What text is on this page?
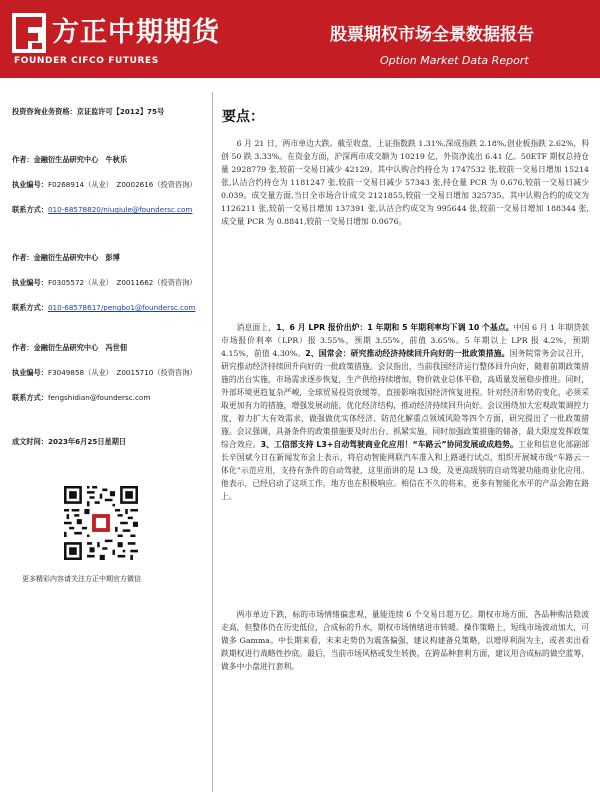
方正中期期货
FOUNDER CIFCO FUTURES
股票期权市场全景数据报告
Option Market Data Report
投资咨询业务资格：京证监许可【2012】75号
作者：金融衍生品研究中心　牛秋乐
执业编号：F0268914（从业）　Z0002616（投资咨询）
联系方式：010-68578820/niuqiule@foundersc.com
作者：金融衍生品研究中心　彭博
执业编号：F0305572（从业）　Z0011662（投资咨询）
联系方式：010-68578617/pengbo1@foundersc.com
作者：金融衍生品研究中心　冯世佃
执业编号：F3049858（从业）　Z0015710（投资咨询）
联系方式：fengshidian@foundersc.com
成文时间：2023年6月25日星期日
更多精彩内容请关注方正中期官方微信
要点：

6 月 21 日，两市单边大跌。截至收盘，上证指数跌 1.31%,深成指跌 2.18%,创业板指跌 2.62%，科创 50 跌 3.33%。在资金方面，沪深两市成交额为 10219 亿，外资净流出 6.41 亿。50ETF 期权总持仓量 2928779 张,较前一交易日减少 42129。其中认购合约持仓为 1747532 张,较前一交易日增加 15214 张,认沽合约持仓为 1181247 张,较前一交易日减少 57343 张,持仓量 PCR 为 0.676,较前一交易日减少 0.039。成交量方面,当日全市场合计成交 2121855,较前一交易日增加 325735。其中认购合约的成交为 1126211 张,较前一交易日增加 137391 张,认沽合约成交为 995644 张,较前一交易日增加 188344 张,成交量 PCR 为 0.8841,较前一交易日增加 0.0676。

消息面上，1、6 月 LPR 报价出炉：1 年期和 5 年期利率均下调 10 个基点。中国 6 月 1 年期贷款市场报价利率（LPR）报 3.55%，预期 3.55%，前值 3.65%。5 年期以上 LPR 报 4.2%，预期 4.15%，前值 4.30%。2、国常会：研究推动经济持续回升向好的一批政策措施。国务院常务会议召开，研究推动经济持续回升向好的一批政策措施。会议指出，当前我国经济运行整体回升向好，随着前期政策措施的出台实施，市场需求逐步恢复，生产供给持续增加，物价就业总体平稳，高质量发展稳步推进。同时，外部环境更趋复杂严峻，全球贸易投资放缓等，直接影响我国经济恢复进程。针对经济形势的变化，必须采取更加有力的措施，增强发展动能，优化经济结构，推动经济持续回升向好。会议围绕加大宏观政策调控力度，着力扩大有效需求，做强做优实体经济、防范化解重点领域风险等四个方面，研究提出了一批政策措施。会议强调，具备条件的政策措施要及时出台、抓紧实施，同时加强政策措施的储备，最大限度发挥政策综合效应。3、工信部支持 L3+自动驾驶商业化应用！“车路云”协同发展或成趋势。工业和信息化部副部长辛国斌今日在新闻发布会上表示，将启动智能网联汽车准入和上路通行试点，组织开展城市级“车路云一体化”示范应用，支持有条件的自动驾驶，这里面讲的是 L3 级，及更高级别的自动驾驶功能商业化应用。他表示，已经启动了这项工作，地方也在积极响应。相信在不久的将来，更多有智能化水平的产品会跑在路上。

两市单边下跌，标的市场情绪偏悲观，量能连续 6 个交易日超万亿。期权市场方面，各品种购沽隐波走高，但整体仍在历史低位，合成标的升水，期权市场情绪进市转暖。操作策略上，短线市场波动加大，可做多 Gamma。中长期来看，未来走势仍为震荡偏强，建议构建备兑策略，以增厚利润为主，或者卖出看跌期权进行战略性抄底。最后，当前市场风格或发生转换，在跨品种套利方面，建议用合成标的做空蓝筹，做多中小盘进行套利。
